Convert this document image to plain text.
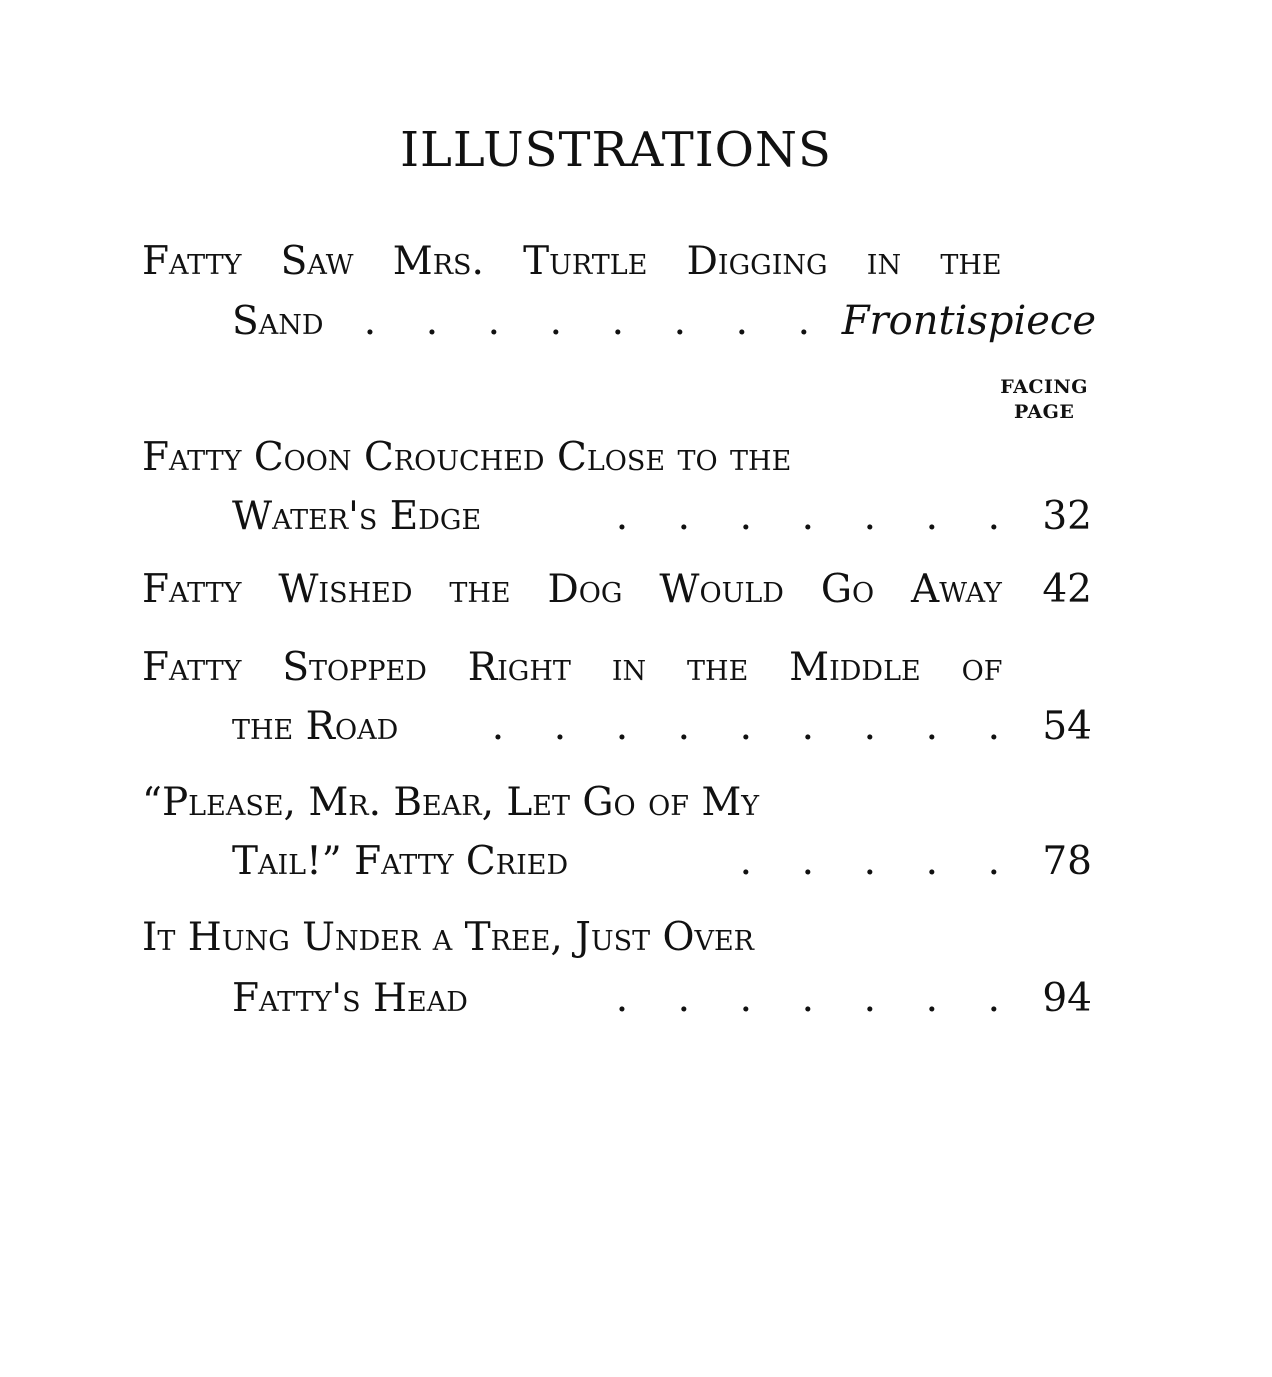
ILLUSTRATIONS
Fatty Saw Mrs. Turtle Digging in the
Sand .    .    .    .    .    .    .    . Frontispiece
FACING
PAGE
Fatty Coon Crouched Close to the
Water's Edge	.    .    .    .    .    .    . 32
Fatty Wished the Dog Would Go Away 42
Fatty Stopped Right in the Middle of
the Road .    .    .    .    .    .    .    .    . 54
“Please, Mr. Bear, Let Go of My
Tail!” Fatty Cried	.    .    .    .    . 78
It Hung Under a Tree, Just Over
Fatty's Head	.    .    .    .    .    .    . 94
